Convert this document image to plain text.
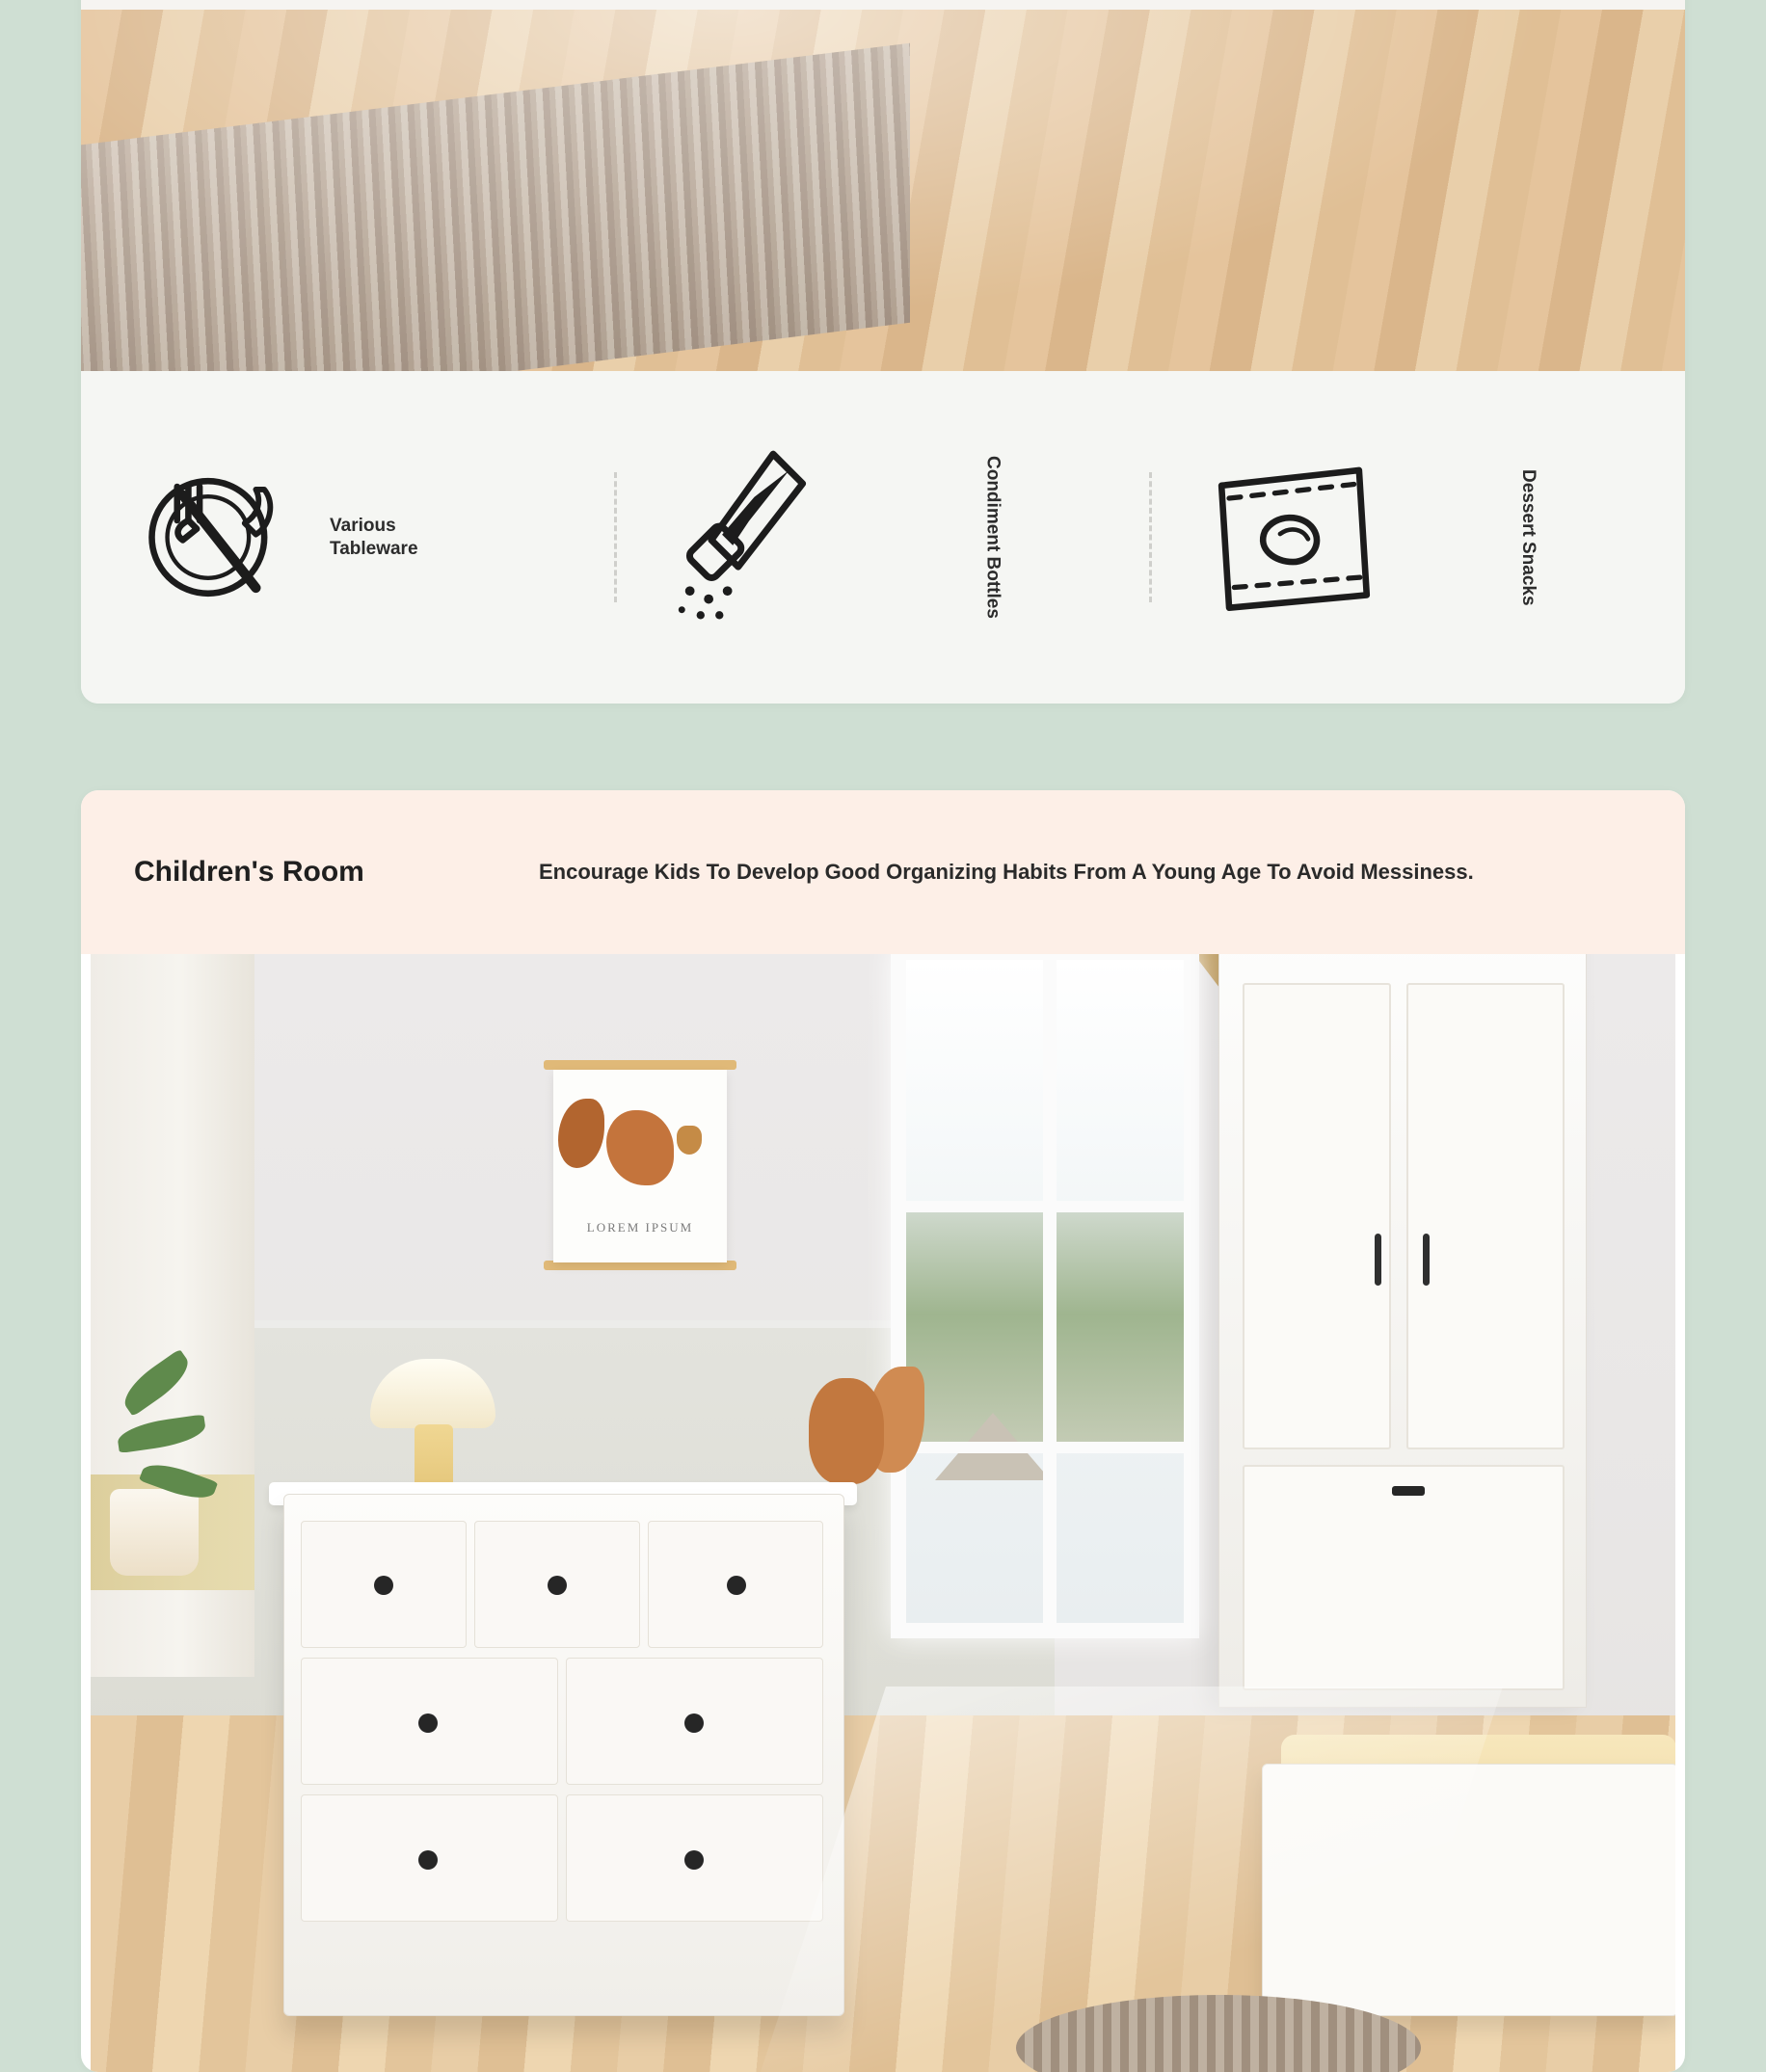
Various Tableware	Condiment Bottles	Dessert Snacks
Children's Room	Encourage Kids To Develop Good Organizing Habits From A Young Age To Avoid Messiness.
LOREM IPSUM
